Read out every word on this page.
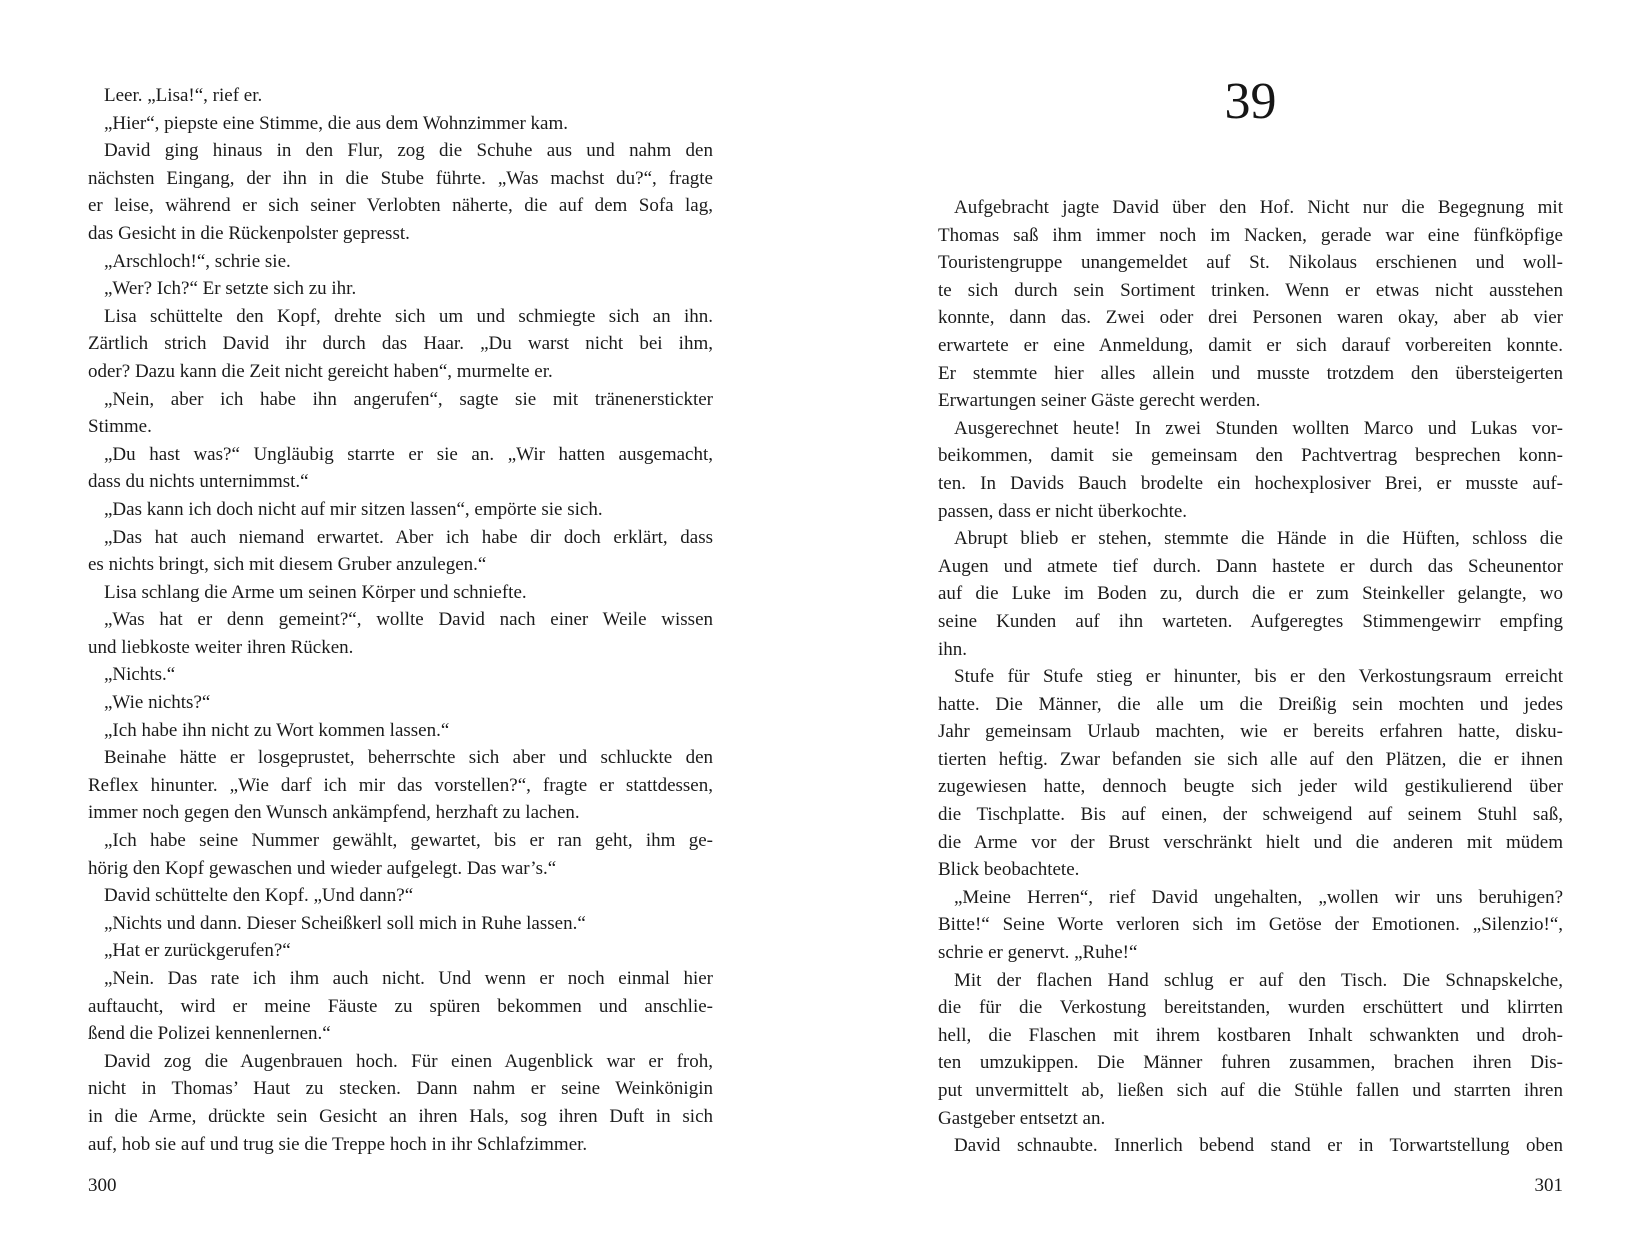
Leer. „Lisa!“, rief er.

„Hier“, piepste eine Stimme, die aus dem Wohnzimmer kam.

David ging hinaus in den Flur, zog die Schuhe aus und nahm den
nächsten Eingang, der ihn in die Stube führte. „Was machst du?“, fragte
er leise, während er sich seiner Verlobten näherte, die auf dem Sofa lag,
das Gesicht in die Rückenpolster gepresst.

„Arschloch!“, schrie sie.

„Wer? Ich?“ Er setzte sich zu ihr.

Lisa schüttelte den Kopf, drehte sich um und schmiegte sich an ihn.
Zärtlich strich David ihr durch das Haar. „Du warst nicht bei ihm,
oder? Dazu kann die Zeit nicht gereicht haben“, murmelte er.

„Nein, aber ich habe ihn angerufen“, sagte sie mit tränenerstickter
Stimme.

„Du hast was?“ Ungläubig starrte er sie an. „Wir hatten ausgemacht,
dass du nichts unternimmst.“

„Das kann ich doch nicht auf mir sitzen lassen“, empörte sie sich.

„Das hat auch niemand erwartet. Aber ich habe dir doch erklärt, dass
es nichts bringt, sich mit diesem Gruber anzulegen.“

Lisa schlang die Arme um seinen Körper und schniefte.

„Was hat er denn gemeint?“, wollte David nach einer Weile wissen
und liebkoste weiter ihren Rücken.

„Nichts.“

„Wie nichts?“

„Ich habe ihn nicht zu Wort kommen lassen.“

Beinahe hätte er losgeprustet, beherrschte sich aber und schluckte den
Reflex hinunter. „Wie darf ich mir das vorstellen?“, fragte er stattdessen,
immer noch gegen den Wunsch ankämpfend, herzhaft zu lachen.

„Ich habe seine Nummer gewählt, gewartet, bis er ran geht, ihm ge-
hörig den Kopf gewaschen und wieder aufgelegt. Das war’s.“

David schüttelte den Kopf. „Und dann?“

„Nichts und dann. Dieser Scheißkerl soll mich in Ruhe lassen.“

„Hat er zurückgerufen?“

„Nein. Das rate ich ihm auch nicht. Und wenn er noch einmal hier
auftaucht, wird er meine Fäuste zu spüren bekommen und anschlie-
ßend die Polizei kennenlernen.“

David zog die Augenbrauen hoch. Für einen Augenblick war er froh,
nicht in Thomas’ Haut zu stecken. Dann nahm er seine Weinkönigin
in die Arme, drückte sein Gesicht an ihren Hals, sog ihren Duft in sich
auf, hob sie auf und trug sie die Treppe hoch in ihr Schlafzimmer.

300
39

Aufgebracht jagte David über den Hof. Nicht nur die Begegnung mit
Thomas saß ihm immer noch im Nacken, gerade war eine fünfköpfige
Touristengruppe unangemeldet auf St. Nikolaus erschienen und woll-
te sich durch sein Sortiment trinken. Wenn er etwas nicht ausstehen
konnte, dann das. Zwei oder drei Personen waren okay, aber ab vier
erwartete er eine Anmeldung, damit er sich darauf vorbereiten konnte.
Er stemmte hier alles allein und musste trotzdem den übersteigerten
Erwartungen seiner Gäste gerecht werden.

Ausgerechnet heute! In zwei Stunden wollten Marco und Lukas vor-
beikommen, damit sie gemeinsam den Pachtvertrag besprechen konn-
ten. In Davids Bauch brodelte ein hochexplosiver Brei, er musste auf-
passen, dass er nicht überkochte.

Abrupt blieb er stehen, stemmte die Hände in die Hüften, schloss die
Augen und atmete tief durch. Dann hastete er durch das Scheunentor
auf die Luke im Boden zu, durch die er zum Steinkeller gelangte, wo
seine Kunden auf ihn warteten. Aufgeregtes Stimmengewirr empfing
ihn.

Stufe für Stufe stieg er hinunter, bis er den Verkostungsraum erreicht
hatte. Die Männer, die alle um die Dreißig sein mochten und jedes
Jahr gemeinsam Urlaub machten, wie er bereits erfahren hatte, disku-
tierten heftig. Zwar befanden sie sich alle auf den Plätzen, die er ihnen
zugewiesen hatte, dennoch beugte sich jeder wild gestikulierend über
die Tischplatte. Bis auf einen, der schweigend auf seinem Stuhl saß,
die Arme vor der Brust verschränkt hielt und die anderen mit müdem
Blick beobachtete.

„Meine Herren“, rief David ungehalten, „wollen wir uns beruhigen?
Bitte!“ Seine Worte verloren sich im Getöse der Emotionen. „Silenzio!“,
schrie er genervt. „Ruhe!“

Mit der flachen Hand schlug er auf den Tisch. Die Schnapskelche,
die für die Verkostung bereitstanden, wurden erschüttert und klirrten
hell, die Flaschen mit ihrem kostbaren Inhalt schwankten und droh-
ten umzukippen. Die Männer fuhren zusammen, brachen ihren Dis-
put unvermittelt ab, ließen sich auf die Stühle fallen und starrten ihren
Gastgeber entsetzt an.

David schnaubte. Innerlich bebend stand er in Torwartstellung oben

301
